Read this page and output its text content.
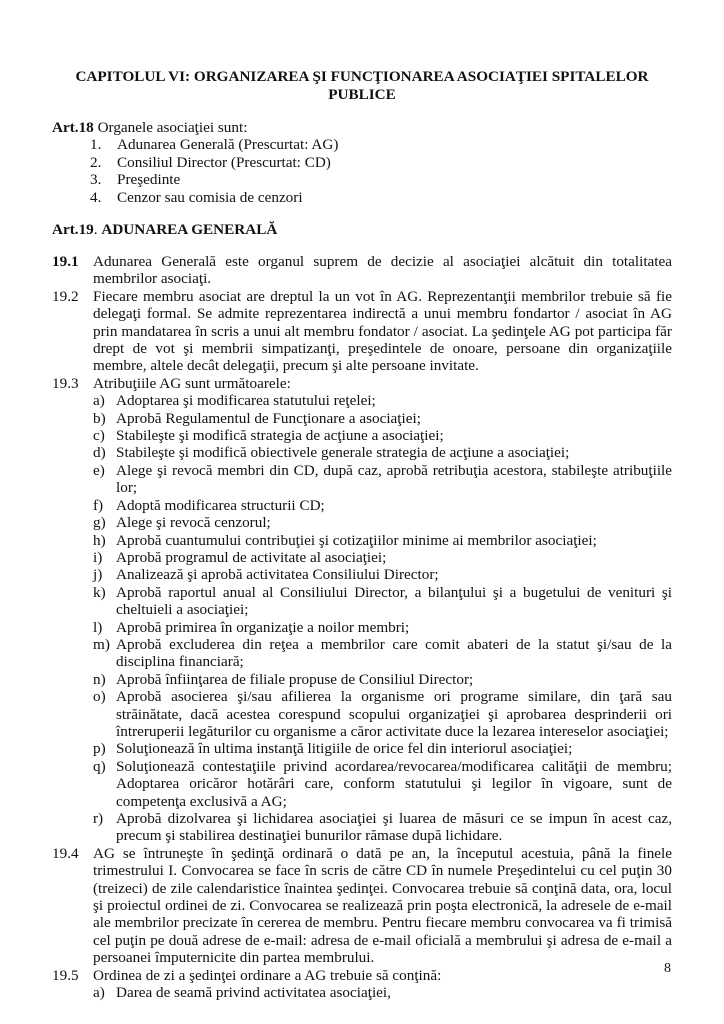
CAPITOLUL VI: ORGANIZAREA ŞI FUNCŢIONAREA ASOCIAŢIEI SPITALELOR PUBLICE
Art.18 Organele asociaţiei sunt:
1. Adunarea Generală (Prescurtat: AG)
2. Consiliul Director (Prescurtat: CD)
3. Preşedinte
4. Cenzor sau comisia de cenzori
Art.19. ADUNAREA GENERALĂ
19.1 Adunarea Generală este organul suprem de decizie al asociaţiei alcătuit din totalitatea membrilor asociaţi.
19.2 Fiecare membru asociat are dreptul la un vot în AG. Reprezentanţii membrilor trebuie să fie delegaţi formal. Se admite reprezentarea indirectă a unui membru fondartor / asociat în AG prin mandatarea în scris a unui alt membru fondator / asociat. La şedinţele AG pot participa făr drept de vot şi membrii simpatizanţi, preşedintele de onoare, persoane din organizaţiile membre, altele decât delegaţii, precum şi alte persoane invitate.
19.3 Atribuţiile AG sunt următoarele:
a) Adoptarea şi modificarea statutului reţelei;
b) Aprobă Regulamentul de Funcţionare a asociaţiei;
c) Stabileşte şi modifică strategia de acţiune a asociaţiei;
d) Stabileşte şi modifică obiectivele generale strategia de acţiune a asociaţiei;
e) Alege şi revocă membri din CD, după caz, aprobă retribuţia acestora, stabileşte atribuţiile lor;
f) Adoptă modificarea structurii CD;
g) Alege şi revocă cenzorul;
h) Aprobă cuantumului contribuţiei şi cotizaţiilor minime ai membrilor asociaţiei;
i) Aprobă programul de activitate al asociaţiei;
j) Analizează şi aprobă activitatea Consiliului Director;
k) Aprobă raportul anual al Consiliului Director, a bilanţului şi a bugetului de venituri şi cheltuieli a asociaţiei;
l) Aprobă primirea în organizaţie a noilor membri;
m) Aprobă excluderea din reţea a membrilor care comit abateri de la statut şi/sau de la disciplina financiară;
n) Aprobă înfiinţarea de filiale propuse de Consiliul Director;
o) Aprobă asocierea şi/sau afilierea la organisme ori programe similare, din ţară sau străinătate, dacă acestea corespund scopului organizaţiei şi aprobarea desprinderii ori întreruperii legăturilor cu organisme a căror activitate duce la lezarea intereselor asociaţiei;
p) Soluţionează în ultima instanţă litigiile de orice fel din interiorul asociaţiei;
q) Soluţionează contestaţiile privind acordarea/revocarea/modificarea calităţii de membru; Adoptarea oricăror hotărâri care, conform statutului şi legilor în vigoare, sunt de competenţa exclusivă a AG;
r) Aprobă dizolvarea şi lichidarea asociaţiei şi luarea de măsuri ce se impun în acest caz, precum şi stabilirea destinaţiei bunurilor rămase după lichidare.
19.4 AG se întruneşte în şedinţă ordinară o dată pe an, la începutul acestuia, până la finele trimestrului I. Convocarea se face în scris de către CD în numele Preşedintelui cu cel puţin 30 (treizeci) de zile calendaristice înaintea şedinţei. Convocarea trebuie să conţină data, ora, locul şi proiectul ordinei de zi. Convocarea se realizează prin poşta electronică, la adresele de e-mail ale membrilor precizate în cererea de membru. Pentru fiecare membru convocarea va fi trimisă cel puţin pe două adrese de e-mail: adresa de e-mail oficială a membrului şi adresa de e-mail a persoanei împuternicite din partea membrului.
19.5 Ordinea de zi a şedinţei ordinare a AG trebuie să conţină:
a) Darea de seamă privind activitatea asociaţiei,
8
